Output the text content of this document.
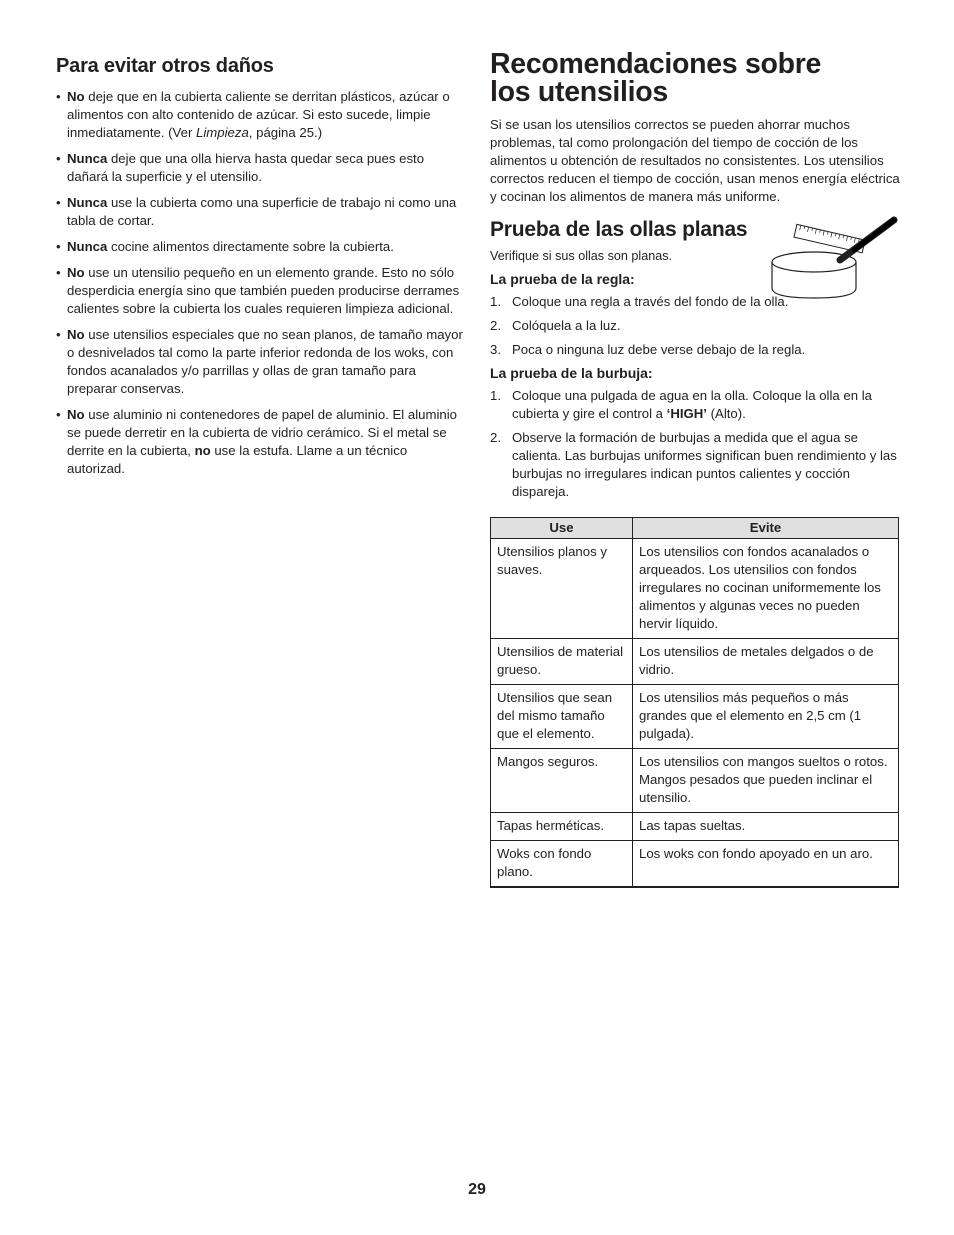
Para evitar otros daños
• No deje que en la cubierta caliente se derritan plásticos, azúcar o alimentos con alto contenido de azúcar. Si esto sucede, limpie inmediatamente. (Ver Limpieza, página 25.)
• Nunca deje que una olla hierva hasta quedar seca pues esto dañará la superficie y el utensilio.
• Nunca use la cubierta como una superficie de trabajo ni como una tabla de cortar.
• Nunca cocine alimentos directamente sobre la cubierta.
• No use un utensilio pequeño en un elemento grande. Esto no sólo desperdicia energía sino que también pueden producirse derrames calientes sobre la cubierta los cuales requieren limpieza adicional.
• No use utensilios especiales que no sean planos, de tamaño mayor o desnivelados tal como la parte inferior redonda de los woks, con fondos acanalados y/o parrillas y ollas de gran tamaño para preparar conservas.
• No use aluminio ni contenedores de papel de aluminio. El aluminio se puede derretir en la cubierta de vidrio cerámico. Si el metal se derrite en la cubierta, no use la estufa. Llame a un técnico autorizad.
Recomendaciones sobre
los utensilios

Si se usan los utensilios correctos se pueden ahorrar muchos problemas, tal como prolongación del tiempo de cocción de los alimentos u obtención de resultados no consistentes. Los utensilios correctos reducen el tiempo de cocción, usan menos energía eléctrica y cocinan los alimentos de manera más uniforme.

Prueba de las ollas planas

Verifique si sus ollas son planas.

La prueba de la regla:
1. Coloque una regla a través del fondo de la olla.
2. Colóquela a la luz.
3. Poca o ninguna luz debe verse debajo de la regla.
La prueba de la burbuja:
1. Coloque una pulgada de agua en la olla. Coloque la olla en la cubierta y gire el control a ‘HIGH’ (Alto).
2. Observe la formación de burbujas a medida que el agua se calienta. Las burbujas uniformes significan buen rendimiento y las burbujas no irregulares indican puntos calientes y cocción dispareja.
Use	Evite
Utensilios planos y suaves.	Los utensilios con fondos acanalados o arqueados. Los utensilios con fondos irregulares no cocinan uniformemente los alimentos y algunas veces no pueden hervir líquido.
Utensilios de material grueso.	Los utensilios de metales delgados o de vidrio.
Utensilios que sean del mismo tamaño que el elemento.	Los utensilios más pequeños o más grandes que el elemento en 2,5 cm (1 pulgada).
Mangos seguros.	Los utensilios con mangos sueltos o rotos. Mangos pesados que pueden inclinar el utensilio.
Tapas herméticas.	Las tapas sueltas.
Woks con fondo plano.	Los woks con fondo apoyado en un aro.
29
